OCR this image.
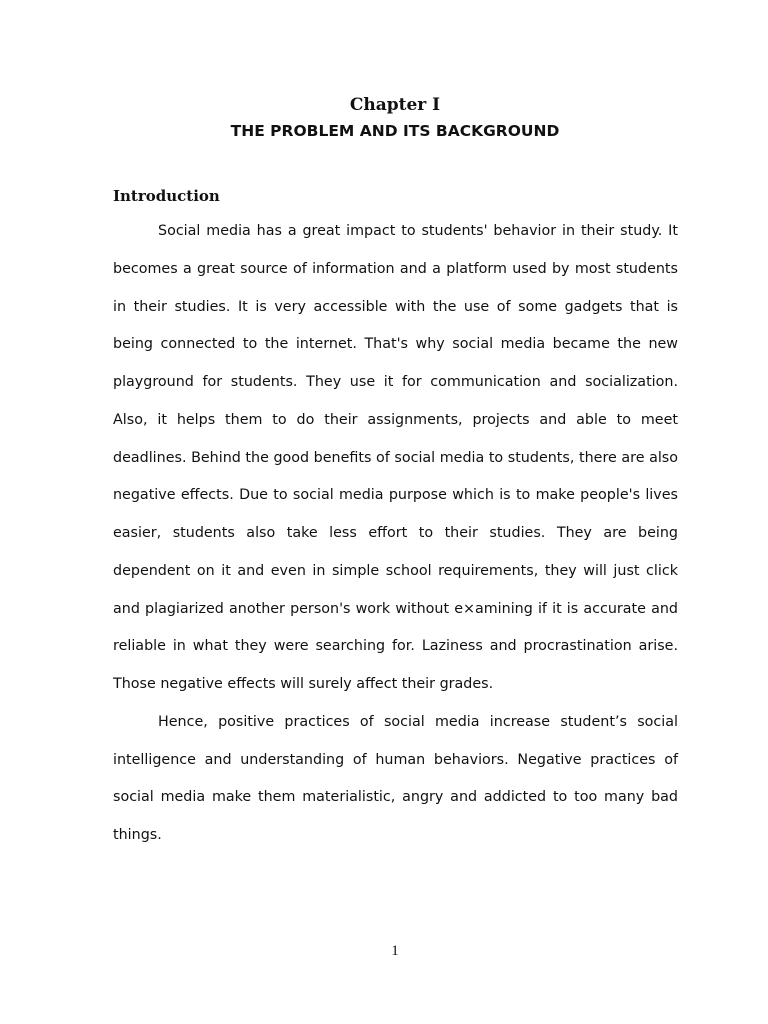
Chapter I
THE PROBLEM AND ITS BACKGROUND
Introduction

Social media has a great impact to students' behavior in their study. It becomes a great source of information and a platform used by most students in their studies. It is very accessible with the use of some gadgets that is being connected to the internet. That's why social media became the new playground for students. They use it for communication and socialization. Also, it helps them to do their assignments, projects and able to meet deadlines. Behind the good benefits of social media to students, there are also negative effects. Due to social media purpose which is to make people's lives easier, students also take less effort to their studies. They are being dependent on it and even in simple school requirements, they will just click and plagiarized another person's work without e×amining if it is accurate and reliable in what they were searching for. Laziness and procrastination arise. Those negative effects will surely affect their grades.

Hence, positive practices of social media increase student’s social intelligence and understanding of human behaviors. Negative practices of social media make them materialistic, angry and addicted to too many bad things.

1
